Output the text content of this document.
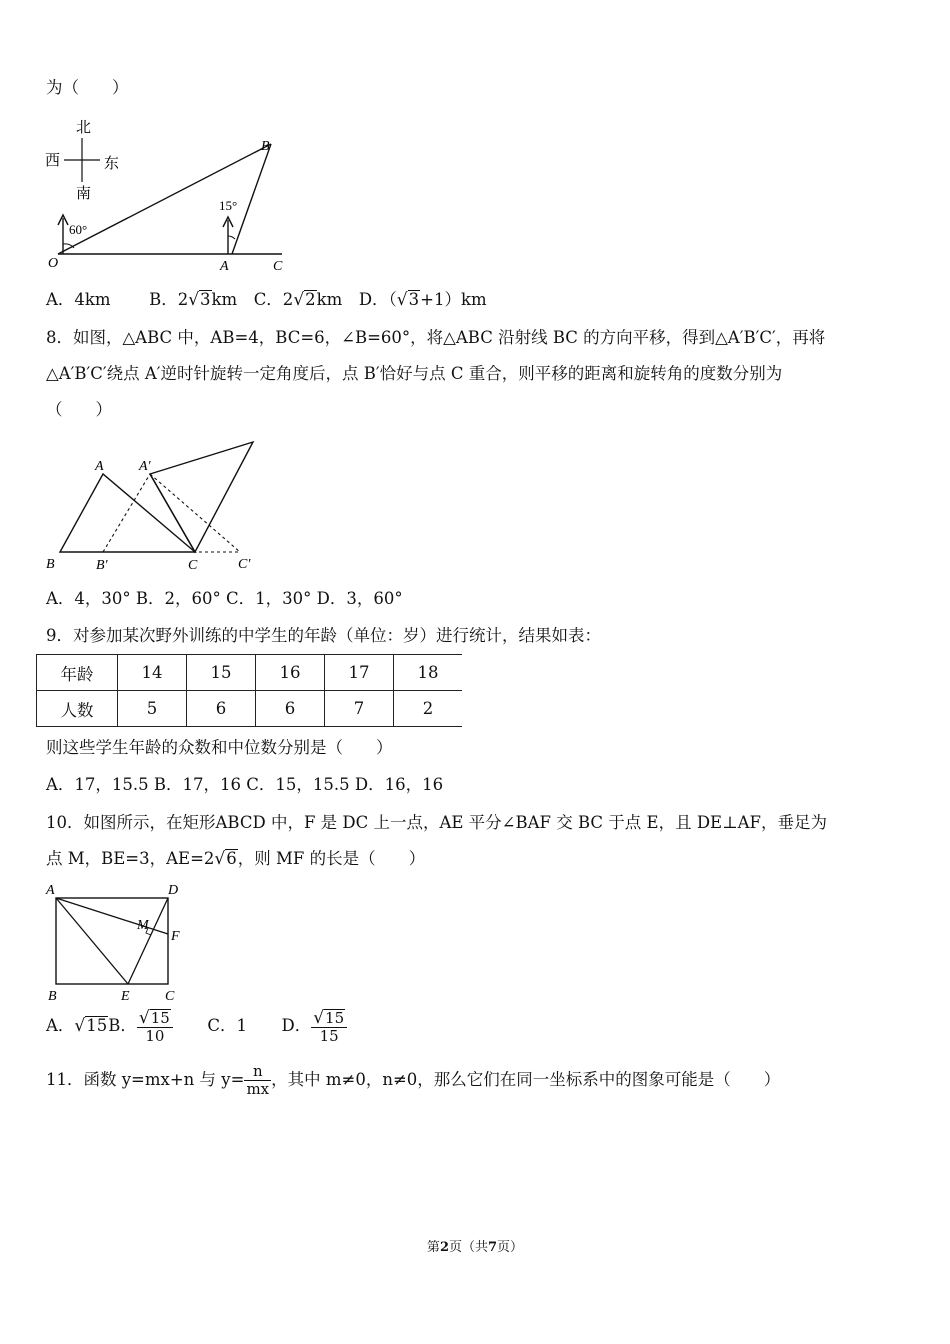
为（　　）
北
南
西	东
60°
15°
O	A
B
C
A．4km B．2√3km C．2√2km D．（√3+1）km
8．如图，△ABC 中，AB=4，BC=6，∠B=60°，将△ABC 沿射线 BC 的方向平移，得到△A′B′C′，再将
△A′B′C′绕点 A′逆时针旋转一定角度后，点 B′恰好与点 C 重合，则平移的距离和旋转角的度数分别为
（　　）
A	A′
B	B′	C	C′
A．4，30° B．2，60° C．1，30° D．3，60°
9．对参加某次野外训练的中学生的年龄（单位：岁）进行统计，结果如表：
年龄	14	15	16	17	18
人数	5	6	6	7	2
则这些学生年龄的众数和中位数分别是（　　）
A．17，15.5 B．17，16 C．15，15.5 D．16，16
10．如图所示，在矩形ABCD 中，F 是 DC 上一点，AE 平分∠BAF 交 BC 于点 E，且 DE⊥AF，垂足为
点 M，BE=3，AE=2√6，则 MF 的长是（　　）
A	D
M
F
B	E	C
A．√15B． $\frac{√15}{10}$ C．1 D． $\frac{√15}{15}$
11．函数 y=mx+n 与 $y= \frac{n}{mx}$ ，其中 m≠0，n≠0，那么它们在同一坐标系中的图象可能是（　　）
第2页（共7页）
